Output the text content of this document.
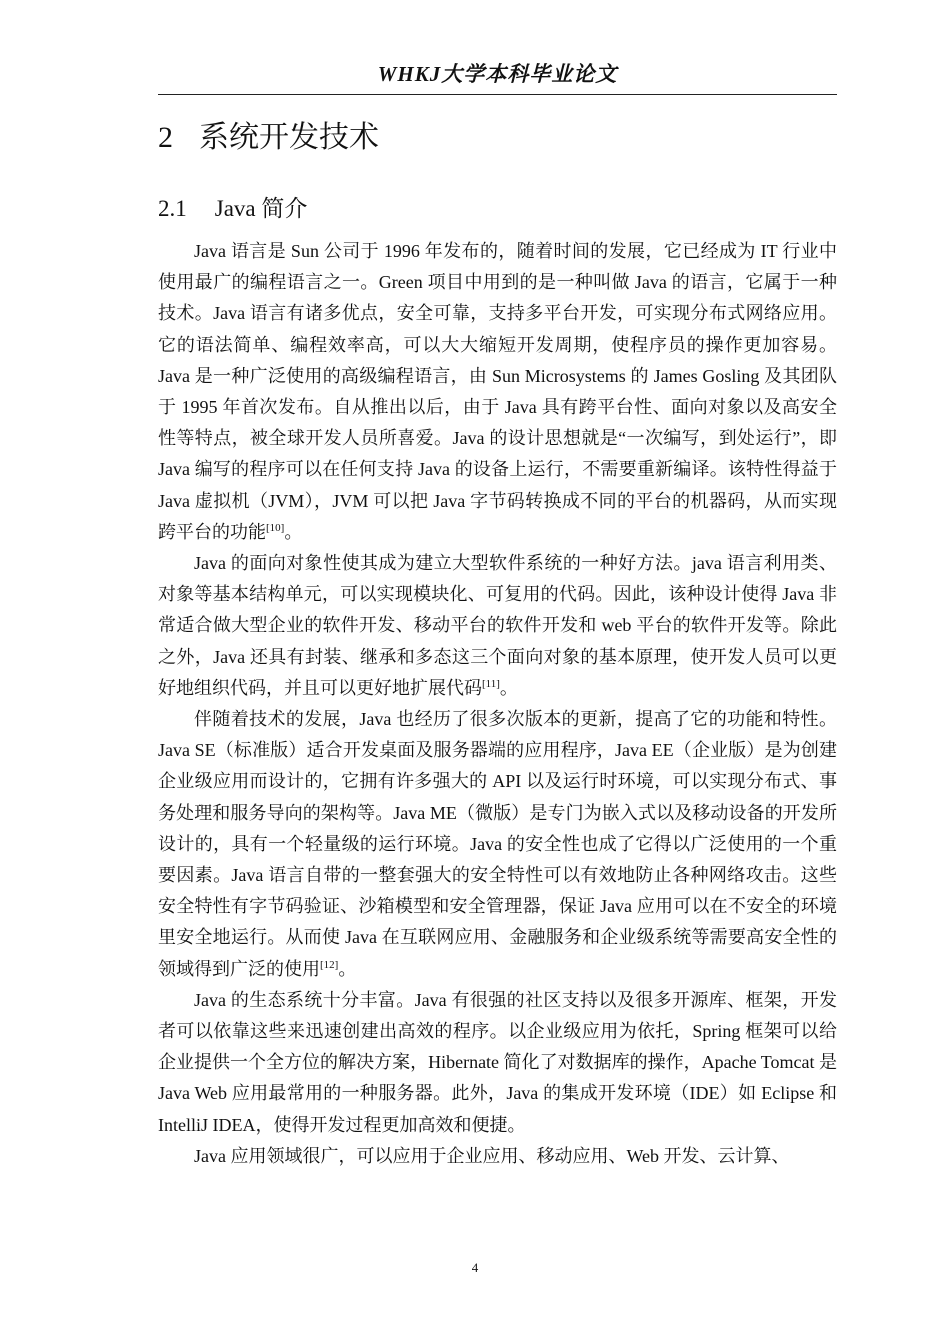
WHKJ大学本科毕业论文
2 系统开发技术
2.1 Java 简介

Java 语言是 Sun 公司于 1996 年发布的，随着时间的发展，它已经成为 IT 行业中使用最广的编程语言之一。Green 项目中用到的是一种叫做 Java 的语言，它属于一种技术。Java 语言有诸多优点，安全可靠，支持多平台开发，可实现分布式网络应用。它的语法简单、编程效率高，可以大大缩短开发周期，使程序员的操作更加容易。Java 是一种广泛使用的高级编程语言，由 Sun Microsystems 的 James Gosling 及其团队于 1995 年首次发布。自从推出以后，由于 Java 具有跨平台性、面向对象以及高安全性等特点，被全球开发人员所喜爱。Java 的设计思想就是“一次编写，到处运行”，即 Java 编写的程序可以在任何支持 Java 的设备上运行，不需要重新编译。该特性得益于 Java 虚拟机（JVM），JVM 可以把 Java 字节码转换成不同的平台的机器码，从而实现跨平台的功能[10]。

Java 的面向对象性使其成为建立大型软件系统的一种好方法。java 语言利用类、对象等基本结构单元，可以实现模块化、可复用的代码。因此，该种设计使得 Java 非常适合做大型企业的软件开发、移动平台的软件开发和 web 平台的软件开发等。除此之外，Java 还具有封装、继承和多态这三个面向对象的基本原理，使开发人员可以更好地组织代码，并且可以更好地扩展代码[11]。

伴随着技术的发展，Java 也经历了很多次版本的更新，提高了它的功能和特性。Java SE（标准版）适合开发桌面及服务器端的应用程序，Java EE（企业版）是为创建企业级应用而设计的，它拥有许多强大的 API 以及运行时环境，可以实现分布式、事务处理和服务导向的架构等。Java ME（微版）是专门为嵌入式以及移动设备的开发所设计的，具有一个轻量级的运行环境。Java 的安全性也成了它得以广泛使用的一个重要因素。Java 语言自带的一整套强大的安全特性可以有效地防止各种网络攻击。这些安全特性有字节码验证、沙箱模型和安全管理器，保证 Java 应用可以在不安全的环境里安全地运行。从而使 Java 在互联网应用、金融服务和企业级系统等需要高安全性的领域得到广泛的使用[12]。

Java 的生态系统十分丰富。Java 有很强的社区支持以及很多开源库、框架，开发者可以依靠这些来迅速创建出高效的程序。以企业级应用为依托，Spring 框架可以给企业提供一个全方位的解决方案，Hibernate 简化了对数据库的操作，Apache Tomcat 是 Java Web 应用最常用的一种服务器。此外，Java 的集成开发环境（IDE）如 Eclipse 和 IntelliJ IDEA，使得开发过程更加高效和便捷。

Java 应用领域很广，可以应用于企业应用、移动应用、Web 开发、云计算、

4
